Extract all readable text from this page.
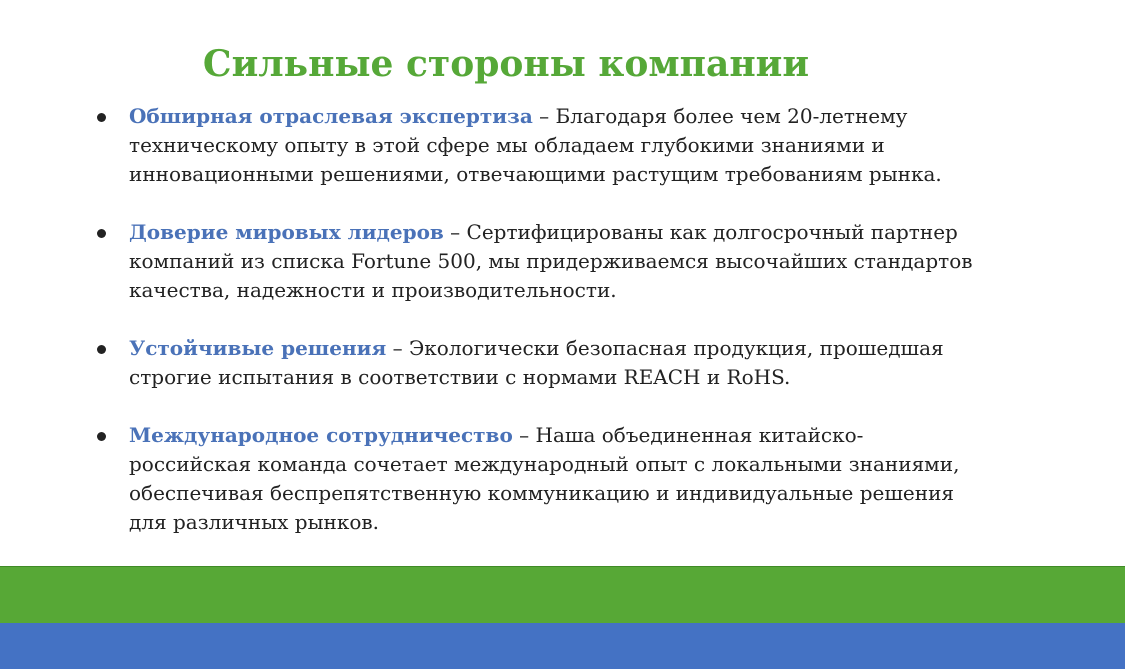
Сильные стороны компании
Обширная отраслевая экспертиза – Благодаря более чем 20-летнему техническому опыту в этой сфере мы обладаем глубокими знаниями и инновационными решениями, отвечающими растущим требованиям рынка.
Доверие мировых лидеров – Сертифицированы как долгосрочный партнер компаний из списка Fortune 500, мы придерживаемся высочайших стандартов качества, надежности и производительности.
Устойчивые решения – Экологически безопасная продукция, прошедшая строгие испытания в соответствии с нормами REACH и RoHS.
Международное сотрудничество – Наша объединенная китайско-российская команда сочетает международный опыт с локальными знаниями, обеспечивая беспрепятственную коммуникацию и индивидуальные решения для различных рынков.
